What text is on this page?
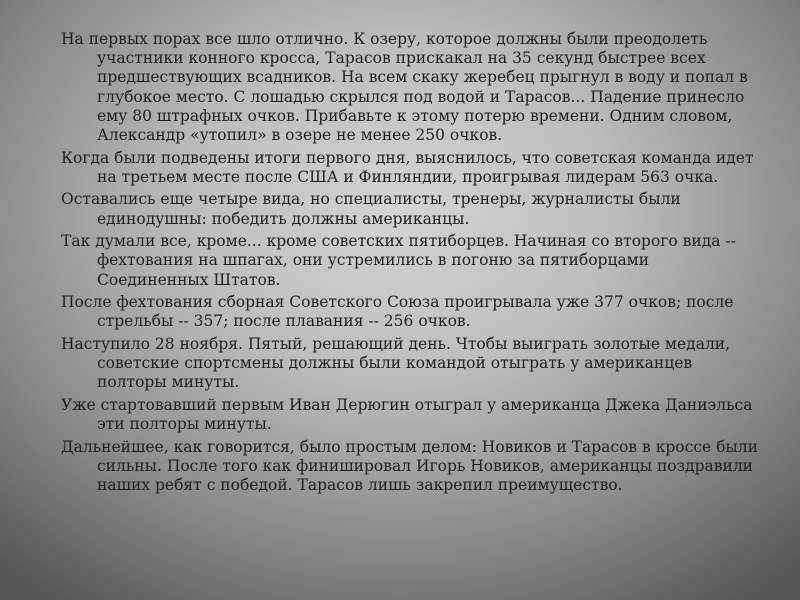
На первых порах все шло отлично. К озеру, которое должны были преодолеть участники конного кросса, Тарасов прискакал на 35 секунд быстрее всех предшествующих всадников. На всем скаку жеребец прыгнул в воду и попал в глубокое место. С лошадью скрылся под водой и Тарасов... Падение принесло ему 80 штрафных очков. Прибавьте к этому потерю времени. Одним словом, Александр «утопил» в озере не менее 250 очков.

Когда были подведены итоги первого дня, выяснилось, что советская команда идет на третьем месте после США и Финляндии, проигрывая лидерам 563 очка.

Оставались еще четыре вида, но специалисты, тренеры, журналисты были единодушны: победить должны американцы.

Так думали все, кроме... кроме советских пятиборцев. Начиная со второго вида -- фехтования на шпагах, они устремились в погоню за пятиборцами Соединенных Штатов.

После фехтования сборная Советского Союза проигрывала уже 377 очков; после стрельбы -- 357; после плавания -- 256 очков.

Наступило 28 ноября. Пятый, решающий день. Чтобы выиграть золотые медали, советские спортсмены должны были командой отыграть у американцев полторы минуты.

Уже стартовавший первым Иван Дерюгин отыграл у американца Джека Даниэльса эти полторы минуты.

Дальнейшее, как говорится, было простым делом: Новиков и Тарасов в кроссе были сильны. После того как финишировал Игорь Новиков, американцы поздравили наших ребят с победой. Тарасов лишь закрепил преимущество.
